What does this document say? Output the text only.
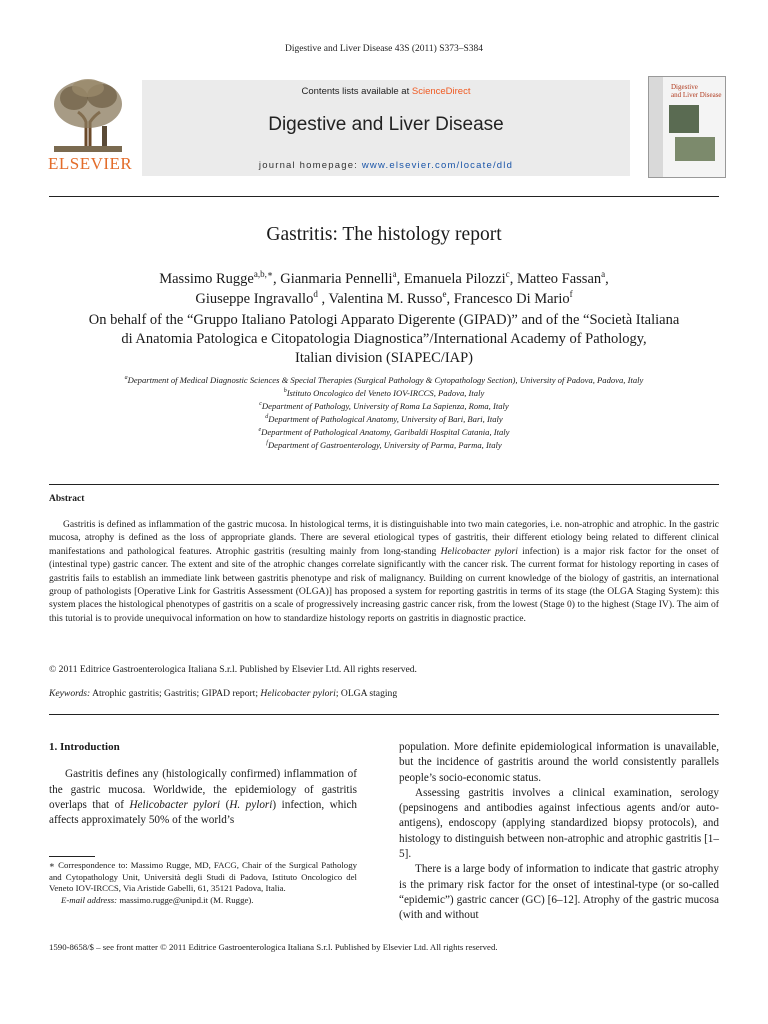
Digestive and Liver Disease 43S (2011) S373–S384
ELSEVIER
Contents lists available at ScienceDirect
Digestive and Liver Disease
journal homepage: www.elsevier.com/locate/dld
Digestive
and Liver Disease
Gastritis: The histology report
Massimo Rugge$^{a,b,∗}$, Gianmaria Pennelli$^a$, Emanuela Pilozzi$^c$, Matteo Fassan$^a$,
Giuseppe Ingravallo$^d$ , Valentina M. Russo$^e$, Francesco Di Mario$^f$
On behalf of the “Gruppo Italiano Patologi Apparato Digerente (GIPAD)” and of the “Società Italiana
di Anatomia Patologica e Citopatologia Diagnostica”/International Academy of Pathology,
Italian division (SIAPEC/IAP)
$^a$Department of Medical Diagnostic Sciences & Special Therapies (Surgical Pathology & Cytopathology Section), University of Padova, Padova, Italy
$^b$Istituto Oncologico del Veneto IOV-IRCCS, Padova, Italy
$^c$Department of Pathology, University of Roma La Sapienza, Roma, Italy
$^d$Department of Pathological Anatomy, University of Bari, Bari, Italy
$^e$Department of Pathological Anatomy, Garibaldi Hospital Catania, Italy
$^f$Department of Gastroenterology, University of Parma, Parma, Italy
Abstract

Gastritis is defined as inflammation of the gastric mucosa. In histological terms, it is distinguishable into two main categories, i.e. non-atrophic and atrophic. In the gastric mucosa, atrophy is defined as the loss of appropriate glands. There are several etiological types of gastritis, their different etiology being related to different clinical manifestations and pathological features. Atrophic gastritis (resulting mainly from long-standing Helicobacter pylori infection) is a major risk factor for the onset of (intestinal type) gastric cancer. The extent and site of the atrophic changes correlate significantly with the cancer risk. The current format for histology reporting in cases of gastritis fails to establish an immediate link between gastritis phenotype and risk of malignancy. Building on current knowledge of the biology of gastritis, an international group of pathologists [Operative Link for Gastritis Assessment (OLGA)] has proposed a system for reporting gastritis in terms of its stage (the OLGA Staging System): this system places the histological phenotypes of gastritis on a scale of progressively increasing gastric cancer risk, from the lowest (Stage 0) to the highest (Stage IV). The aim of this tutorial is to provide unequivocal information on how to standardize histology reports on gastritis in diagnostic practice.

© 2011 Editrice Gastroenterologica Italiana S.r.l. Published by Elsevier Ltd. All rights reserved.
Keywords: Atrophic gastritis; Gastritis; GIPAD report; Helicobacter pylori; OLGA staging

1. Introduction

Gastritis defines any (histologically confirmed) inflammation of the gastric mucosa. Worldwide, the epidemiology of gastritis overlaps that of Helicobacter pylori (H. pylori) infection, which affects approximately 50% of the world’s

population. More definite epidemiological information is unavailable, but the incidence of gastritis around the world consistently parallels people’s socio-economic status.

Assessing gastritis involves a clinical examination, serology (pepsinogens and antibodies against infectious agents and/or auto-antigens), endoscopy (applying standardized biopsy protocols), and histology to distinguish between non-atrophic and atrophic gastritis [1–5].

There is a large body of information to indicate that gastric atrophy is the primary risk factor for the onset of intestinal-type (or so-called “epidemic”) gastric cancer (GC) [6–12]. Atrophy of the gastric mucosa (with and without

∗ Correspondence to: Massimo Rugge, MD, FACG, Chair of the Surgical Pathology and Cytopathology Unit, Università degli Studi di Padova, Istituto Oncologico del Veneto IOV-IRCCS, Via Aristide Gabelli, 61, 35121 Padova, Italia.

E-mail address: massimo.rugge@unipd.it (M. Rugge).

1590-8658/$ – see front matter © 2011 Editrice Gastroenterologica Italiana S.r.l. Published by Elsevier Ltd. All rights reserved.
